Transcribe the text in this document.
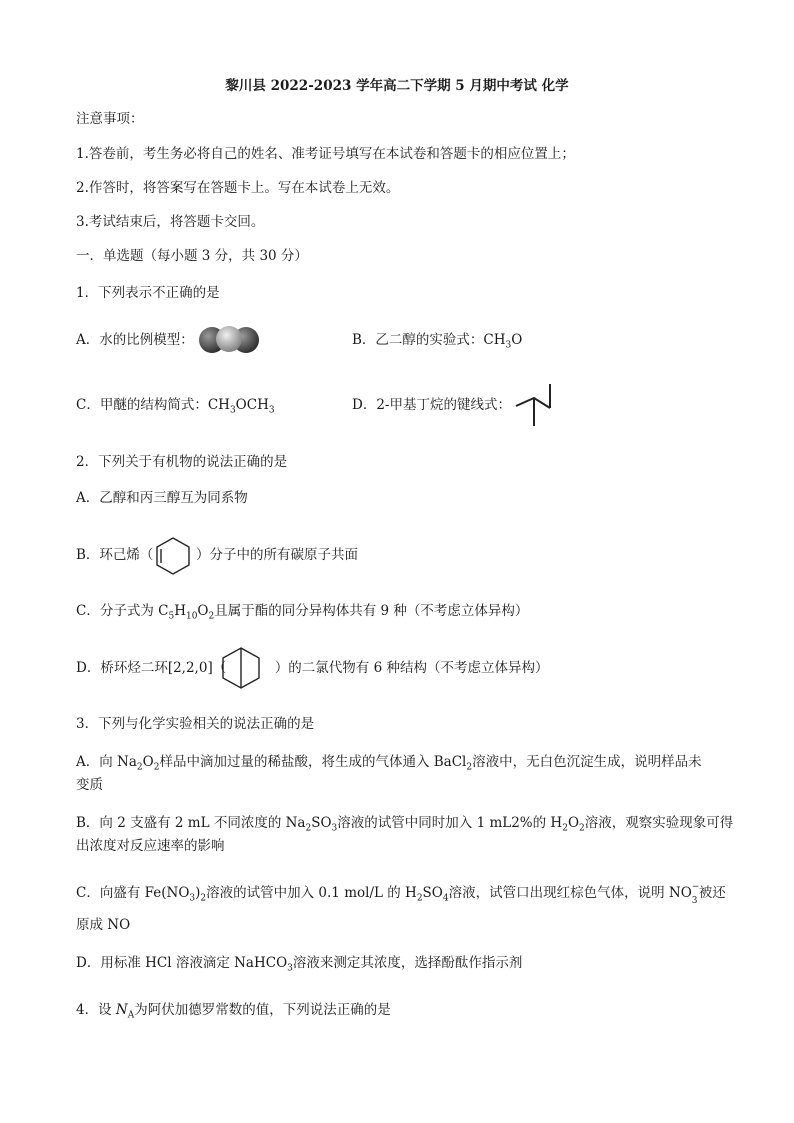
黎川县 2022-2023 学年高二下学期 5 月期中考试 化学
注意事项：
1.答卷前，考生务必将自己的姓名、准考证号填写在本试卷和答题卡的相应位置上；
2.作答时，将答案写在答题卡上。写在本试卷上无效。
3.考试结束后，将答题卡交回。
一．单选题（每小题 3 分，共 30 分）
1．下列表示不正确的是
A．水的比例模型：	B．乙二醇的实验式：$CH_3O$
C．甲醚的结构简式：$CH_3OCH_3$	D．2-甲基丁烷的键线式：
2．下列关于有机物的说法正确的是
A．乙醇和丙三醇互为同系物
B．环己烯（	）分子中的所有碳原子共面
C．分子式为 $C_5H_{10}O_2$且属于酯的同分异构体共有 9 种（不考虑立体异构）
D．桥环烃二环[2,2,0]（	）的二氯代物有 6 种结构（不考虑立体异构）
3．下列与化学实验相关的说法正确的是
A．向 $Na_2O_2$样品中滴加过量的稀盐酸，将生成的气体通入 BaCl$_2$溶液中，无白色沉淀生成，说明样品未
变质
B．向 2 支盛有 2 mL 不同浓度的 $Na_2SO_3$溶液的试管中同时加入 1 mL2%的 $H_2O_2$溶液，观察实验现象可得
出浓度对反应速率的影响
C．向盛有 $Fe(NO_3)_2$溶液的试管中加入 0.1 mol/L 的 $H_2SO_4$溶液，试管口出现红棕色气体，说明 NO −
3 被还
原成 NO
D．用标准 HCl 溶液滴定 NaHCO$_3$溶液来测定其浓度，选择酚酞作指示剂
4．设 $N_A$为阿伏加德罗常数的值，下列说法正确的是
